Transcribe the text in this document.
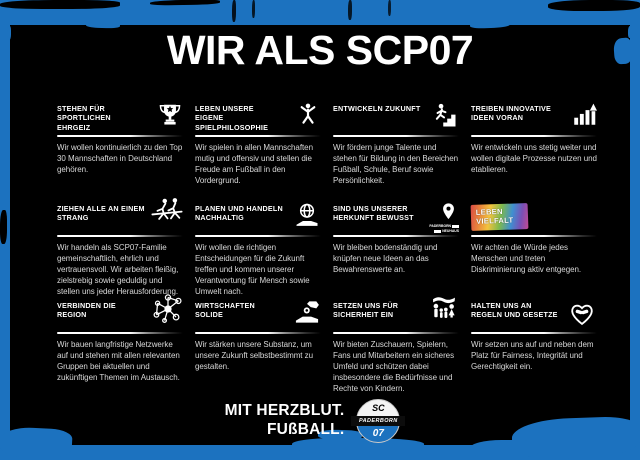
WIR ALS SCP07
STEHEN FÜR SPORTLICHEN EHRGEIZ
Wir wollen kontinuierlich zu den Top 30 Mannschaften in Deutschland gehören.
LEBEN UNSERE EIGENE SPIELPHILOSOPHIE
Wir spielen in allen Mannschaften mutig und offensiv und stellen die Freude am Fußball in den Vordergrund.
ENTWICKELN ZUKUNFT
Wir fördern junge Talente und stehen für Bildung in den Bereichen Fußball, Schule, Beruf sowie Persönlichkeit.
TREIBEN INNOVATIVE IDEEN VORAN
Wir entwickeln uns stetig weiter und wollen digitale Prozesse nutzen und etablieren.
ZIEHEN ALLE AN EINEM STRANG
Wir handeln als SCP07-Familie gemeinschaftlich, ehrlich und vertrauensvoll. Wir arbeiten fleißig, zielstrebig sowie geduldig und stellen uns jeder Herausforderung.
PLANEN UND HANDELN NACHHALTIG
Wir wollen die richtigen Entscheidungen für die Zukunft treffen und kommen unserer Verantwortung für Mensch sowie Umwelt nach.
SIND UNS UNSERER HERKUNFT BEWUSST
PADERBORN
NEUHAUS
Wir bleiben bodenständig und knüpfen neue Ideen an das Bewahrenswerte an.
LEBEN
VIELFALT
Wir achten die Würde jedes Menschen und treten Diskriminierung aktiv entgegen.
VERBINDEN DIE REGION
Wir bauen langfristige Netzwerke auf und stehen mit allen relevanten Gruppen bei aktuellen und zukünftigen Themen im Austausch.
WIRTSCHAFTEN SOLIDE
Wir stärken unsere Substanz, um unsere Zukunft selbstbestimmt zu gestalten.
SETZEN UNS FÜR SICHERHEIT EIN
Wir bieten Zuschauern, Spielern, Fans und Mitarbeitern ein sicheres Umfeld und schützen dabei insbesondere die Bedürfnisse und Rechte von Kindern.
HALTEN UNS AN REGELN UND GESETZE
Wir setzen uns auf und neben dem Platz für Fairness, Integrität und Gerechtigkeit ein.
MIT HERZBLUT.
FUßBALL.
SC
07
PADERBORN
